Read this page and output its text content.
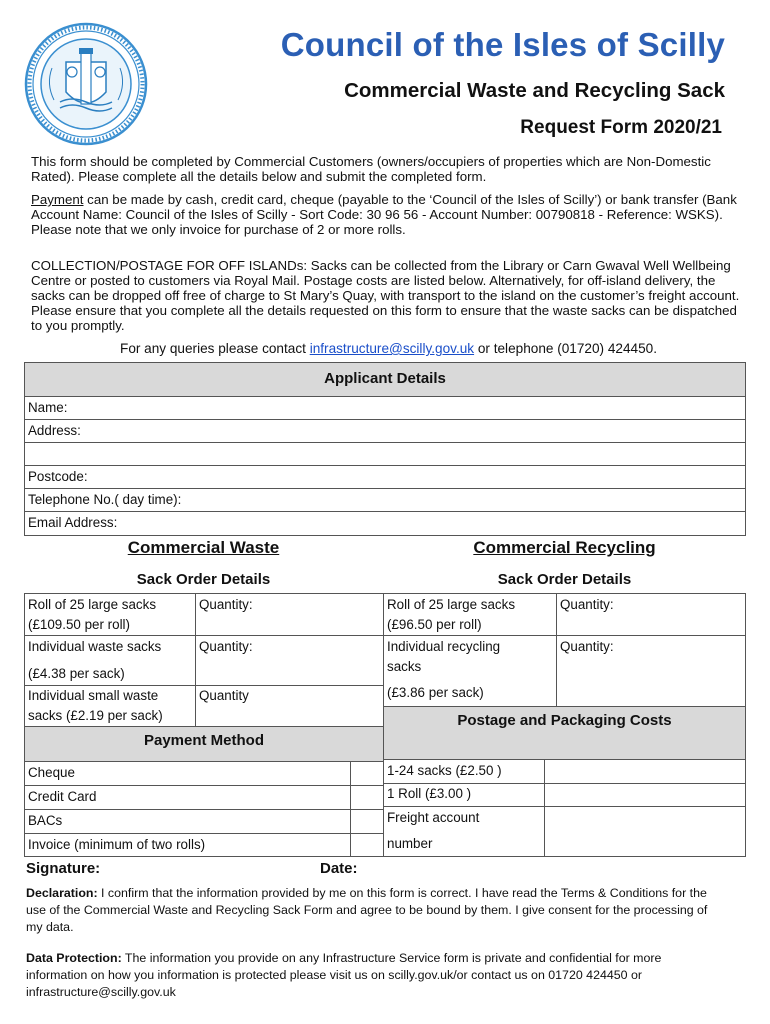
Council of the Isles of Scilly
Commercial Waste and Recycling Sack
Request Form 2020/21

This form should be completed by Commercial Customers (owners/occupiers of properties which are Non-Domestic Rated). Please complete all the details below and submit the completed form.

Payment can be made by cash, credit card, cheque (payable to the ‘Council of the Isles of Scilly’) or bank transfer (Bank Account Name: Council of the Isles of Scilly - Sort Code: 30 96 56 - Account Number: 00790818 - Reference: WSKS). Please note that we only invoice for purchase of 2 or more rolls.

COLLECTION/POSTAGE FOR OFF ISLANDs: Sacks can be collected from the Library or Carn Gwaval Well Wellbeing Centre or posted to customers via Royal Mail. Postage costs are listed below. Alternatively, for off-island delivery, the sacks can be dropped off free of charge to St Mary’s Quay, with transport to the island on the customer’s freight account. Please ensure that you complete all the details requested on this form to ensure that the waste sacks can be dispatched to you promptly.

For any queries please contact infrastructure@scilly.gov.uk or telephone (01720) 424450.
Applicant Details
Name:
Address:
Postcode:
Telephone No.( day time):
Email Address:
Commercial Waste	Commercial Recycling
Sack Order Details	Sack Order Details
Roll of 25 large sacks
(£109.50 per roll)
Quantity:
Individual waste sacks
(£4.38 per sack)
Quantity:
Individual small waste
sacks (£2.19 per sack)
Quantity
Roll of 25 large sacks
(£96.50 per roll)
Quantity:
Individual recycling
sacks
(£3.86 per sack)
Quantity:
Postage and Packaging Costs
Payment Method
Cheque
Credit Card
BACs
Invoice (minimum of two rolls)
1-24 sacks (£2.50 )
1 Roll (£3.00 )
Freight account
number
Signature:	Date:
Declaration: I confirm that the information provided by me on this form is correct. I have read the Terms & Conditions for the use of the Commercial Waste and Recycling Sack Form and agree to be bound by them. I give consent for the processing of my data.
Data Protection: The information you provide on any Infrastructure Service form is private and confidential for more information on how you information is protected please visit us on scilly.gov.uk/or contact us on 01720 424450 or infrastructure@scilly.gov.uk
